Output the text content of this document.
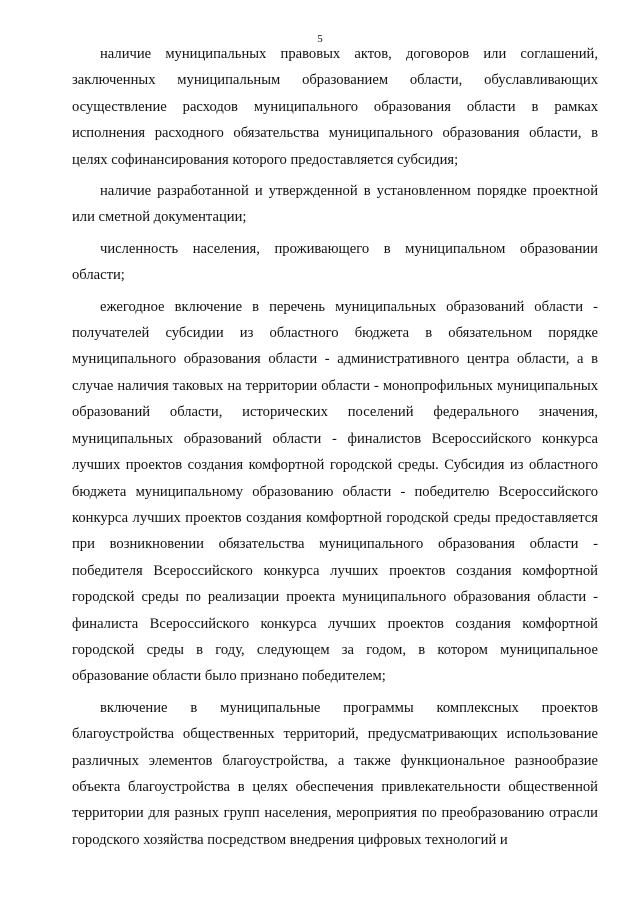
5

наличие муниципальных правовых актов, договоров или соглашений, заключенных муниципальным образованием области, обуславливающих осуществление расходов муниципального образования области в рамках исполнения расходного обязательства муниципального образования области, в целях софинансирования которого предоставляется субсидия;

наличие разработанной и утвержденной в установленном порядке проектной или сметной документации;

численность населения, проживающего в муниципальном образовании области;

ежегодное включение в перечень муниципальных образований области - получателей субсидии из областного бюджета в обязательном порядке муниципального образования области - административного центра области, а в случае наличия таковых на территории области - монопрофильных муниципальных образований области, исторических поселений федерального значения, муниципальных образований области - финалистов Всероссийского конкурса лучших проектов создания комфортной городской среды. Субсидия из областного бюджета муниципальному образованию области - победителю Всероссийского конкурса лучших проектов создания комфортной городской среды предоставляется при возникновении обязательства муниципального образования области - победителя Всероссийского конкурса лучших проектов создания комфортной городской среды по реализации проекта муниципального образования области - финалиста Всероссийского конкурса лучших проектов создания комфортной городской среды в году, следующем за годом, в котором муниципальное образование области было признано победителем;

включение в муниципальные программы комплексных проектов благоустройства общественных территорий, предусматривающих использование различных элементов благоустройства, а также функциональное разнообразие объекта благоустройства в целях обеспечения привлекательности общественной территории для разных групп населения, мероприятия по преобразованию отрасли городского хозяйства посредством внедрения цифровых технологий и
